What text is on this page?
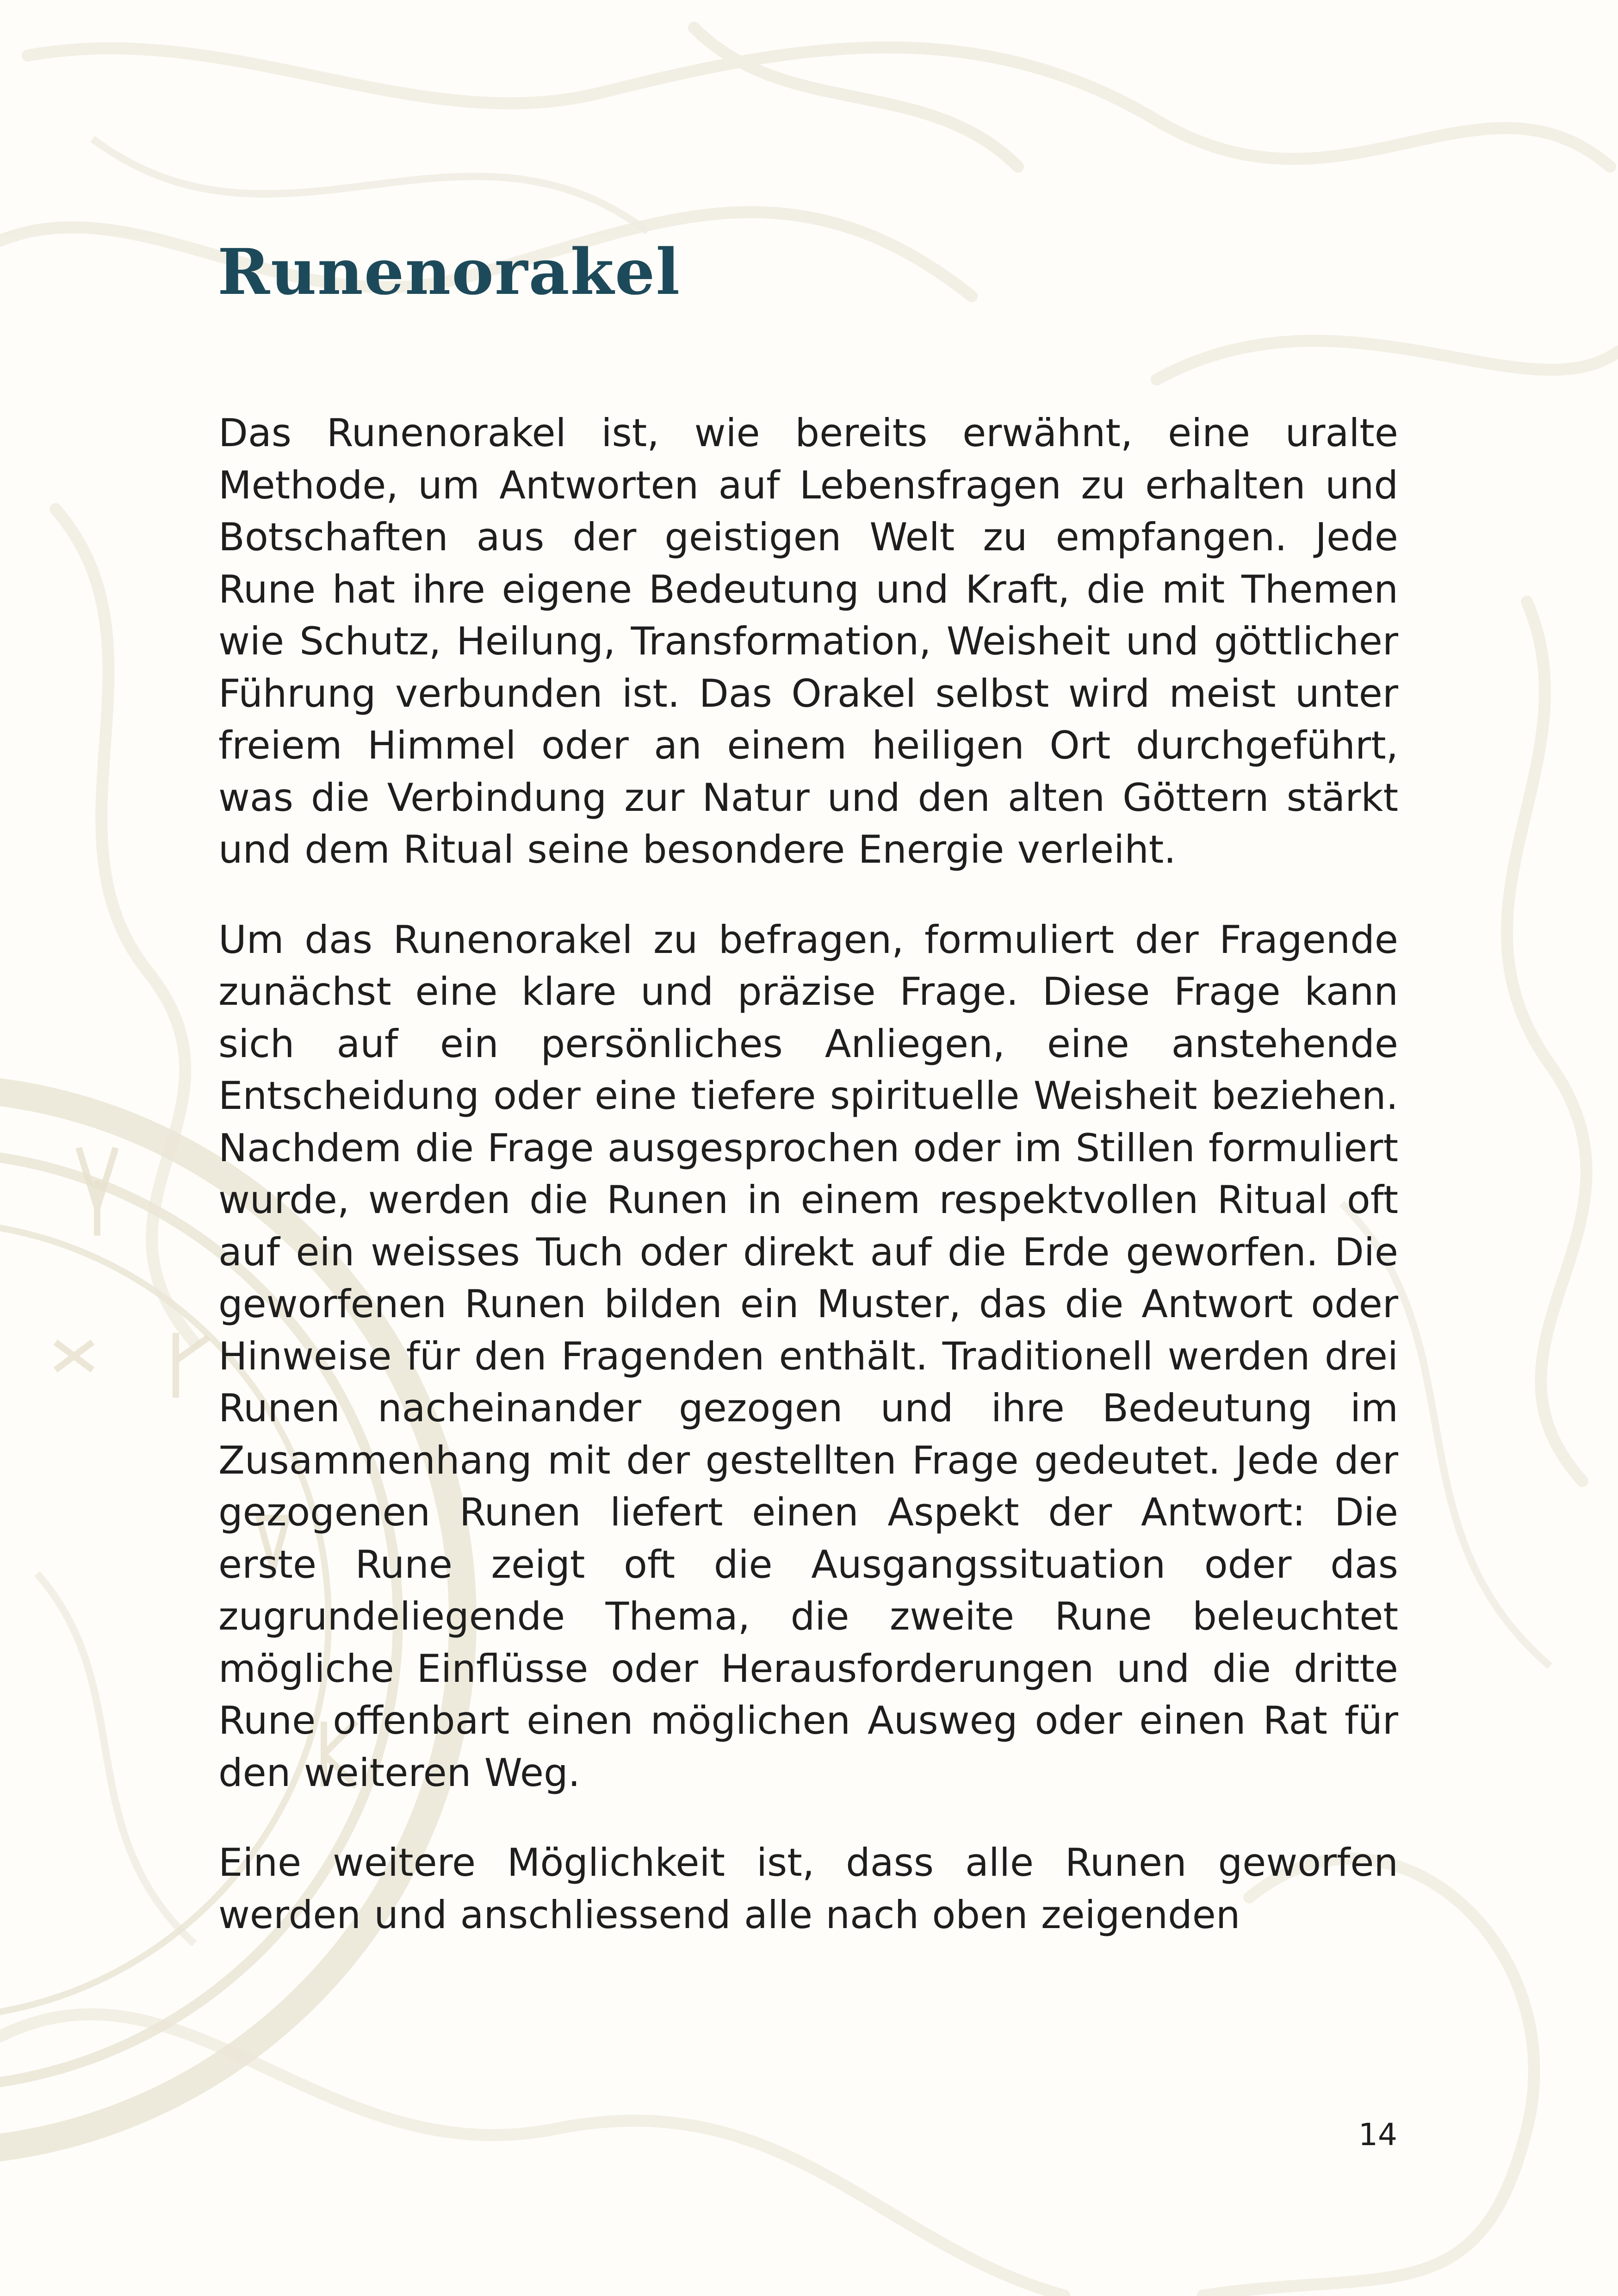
Runenorakel

Das Runenorakel ist, wie bereits erwähnt, eine uralte Methode, um Antworten auf Lebensfragen zu erhalten und Botschaften aus der geistigen Welt zu empfangen. Jede Rune hat ihre eigene Bedeutung und Kraft, die mit Themen wie Schutz, Heilung, Transformation, Weisheit und göttlicher Führung verbunden ist. Das Orakel selbst wird meist unter freiem Himmel oder an einem heiligen Ort durchgeführt, was die Verbindung zur Natur und den alten Göttern stärkt und dem Ritual seine besondere Energie verleiht.

Um das Runenorakel zu befragen, formuliert der Fragende zunächst eine klare und präzise Frage. Diese Frage kann sich auf ein persönliches Anliegen, eine anstehende Entscheidung oder eine tiefere spirituelle Weisheit beziehen. Nachdem die Frage ausgesprochen oder im Stillen formuliert wurde, werden die Runen in einem respektvollen Ritual oft auf ein weisses Tuch oder direkt auf die Erde geworfen. Die geworfenen Runen bilden ein Muster, das die Antwort oder Hinweise für den Fragenden enthält. Traditionell werden drei Runen nacheinander gezogen und ihre Bedeutung im Zusammenhang mit der gestellten Frage gedeutet. Jede der gezogenen Runen liefert einen Aspekt der Antwort: Die erste Rune zeigt oft die Ausgangssituation oder das zugrundeliegende Thema, die zweite Rune beleuchtet mögliche Einflüsse oder Herausforderungen und die dritte Rune offenbart einen möglichen Ausweg oder einen Rat für den weiteren Weg.

Eine weitere Möglichkeit ist, dass alle Runen geworfen werden und anschliessend alle nach oben zeigenden

14
